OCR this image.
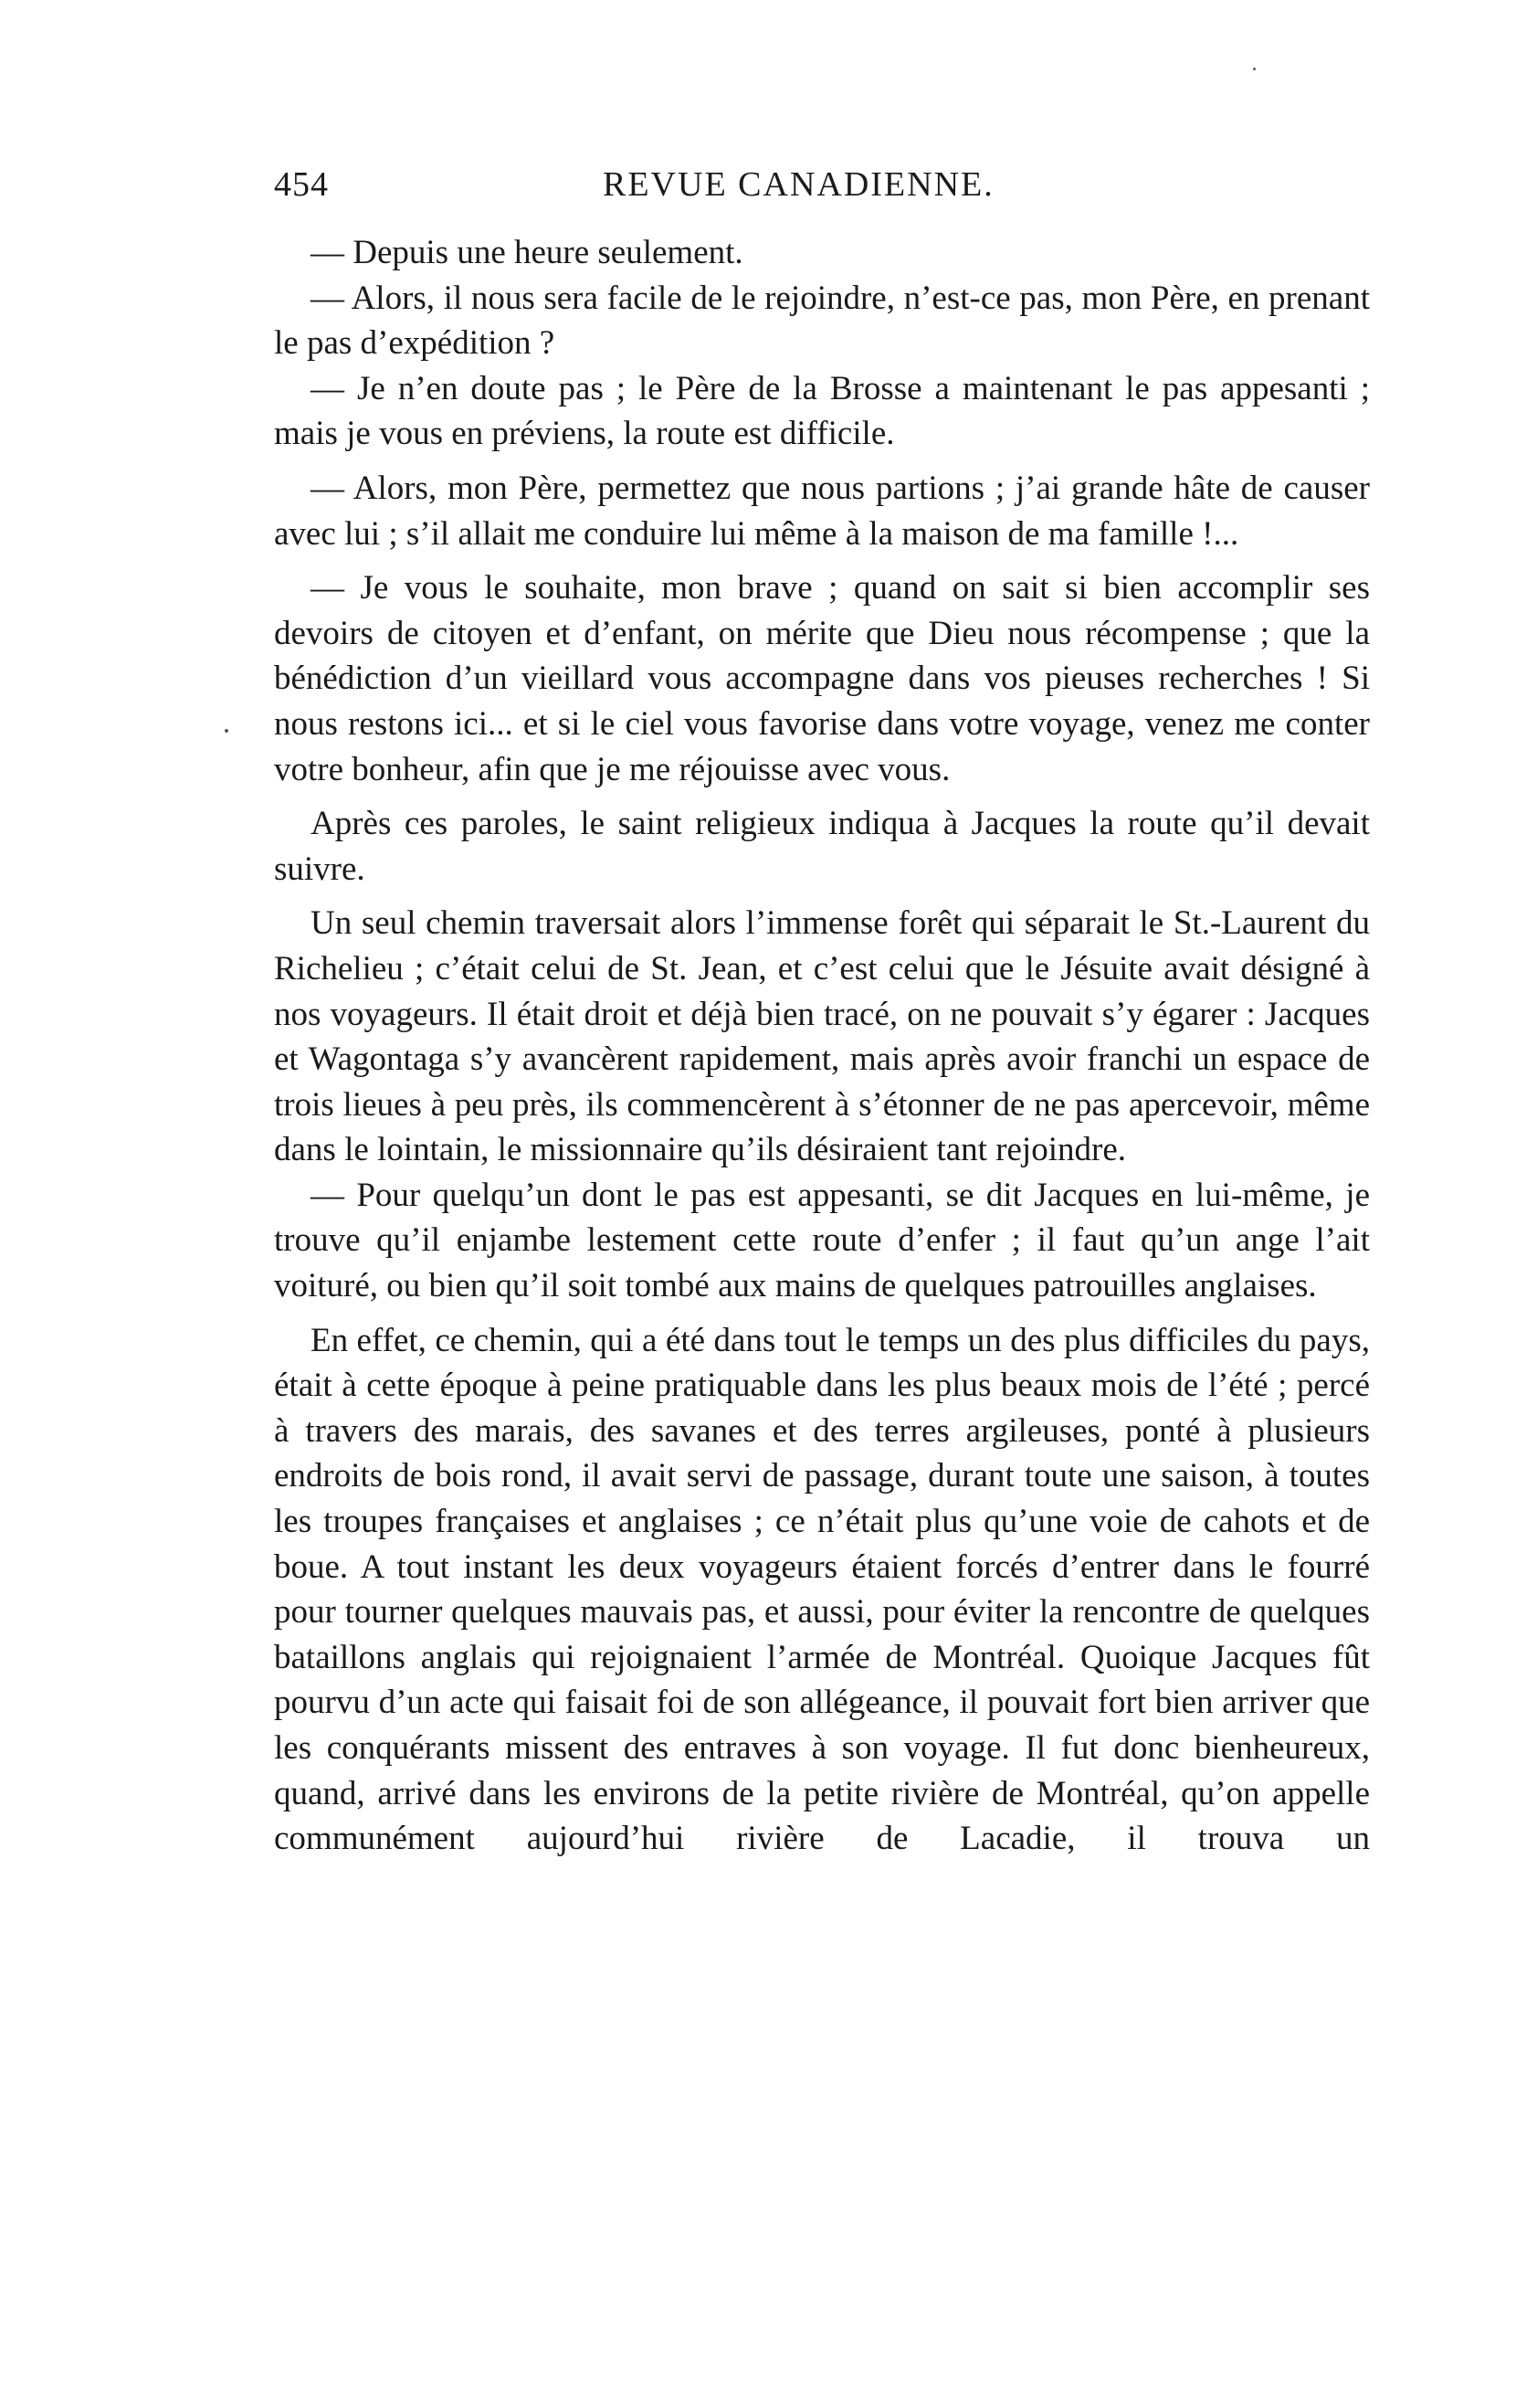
454	REVUE CANADIENNE.

— Depuis une heure seulement.

— Alors, il nous sera facile de le rejoindre, n’est-ce pas, mon Père, en prenant le pas d’expédition ?

— Je n’en doute pas ; le Père de la Brosse a maintenant le pas appesanti ; mais je vous en préviens, la route est difficile.

— Alors, mon Père, permettez que nous partions ; j’ai grande hâte de causer avec lui ; s’il allait me conduire lui même à la maison de ma famille !...

— Je vous le souhaite, mon brave ; quand on sait si bien accomplir ses devoirs de citoyen et d’enfant, on mérite que Dieu nous récompense ; que la bénédiction d’un vieillard vous accompagne dans vos pieuses recherches ! Si nous restons ici... et si le ciel vous favorise dans votre voyage, venez me conter votre bonheur, afin que je me réjouisse avec vous.

Après ces paroles, le saint religieux indiqua à Jacques la route qu’il devait suivre.

Un seul chemin traversait alors l’immense forêt qui séparait le St.-Laurent du Richelieu ; c’était celui de St. Jean, et c’est celui que le Jésuite avait désigné à nos voyageurs. Il était droit et déjà bien tracé, on ne pouvait s’y égarer : Jacques et Wagontaga s’y avancèrent rapidement, mais après avoir franchi un espace de trois lieues à peu près, ils commencèrent à s’étonner de ne pas apercevoir, même dans le lointain, le missionnaire qu’ils désiraient tant rejoindre.

— Pour quelqu’un dont le pas est appesanti, se dit Jacques en lui-même, je trouve qu’il enjambe lestement cette route d’enfer ; il faut qu’un ange l’ait voituré, ou bien qu’il soit tombé aux mains de quelques patrouilles anglaises.

En effet, ce chemin, qui a été dans tout le temps un des plus difficiles du pays, était à cette époque à peine pratiquable dans les plus beaux mois de l’été ; percé à travers des marais, des savanes et des terres argileuses, ponté à plusieurs endroits de bois rond, il avait servi de passage, durant toute une saison, à toutes les troupes françaises et anglaises ; ce n’était plus qu’une voie de cahots et de boue. A tout instant les deux voyageurs étaient forcés d’entrer dans le fourré pour tourner quelques mauvais pas, et aussi, pour éviter la rencontre de quelques bataillons anglais qui rejoignaient l’armée de Montréal. Quoique Jacques fût pourvu d’un acte qui faisait foi de son allégeance, il pouvait fort bien arriver que les conquérants missent des entraves à son voyage. Il fut donc bienheureux, quand, arrivé dans les environs de la petite rivière de Montréal, qu’on appelle communément aujourd’hui rivière de Lacadie, il trouva un
